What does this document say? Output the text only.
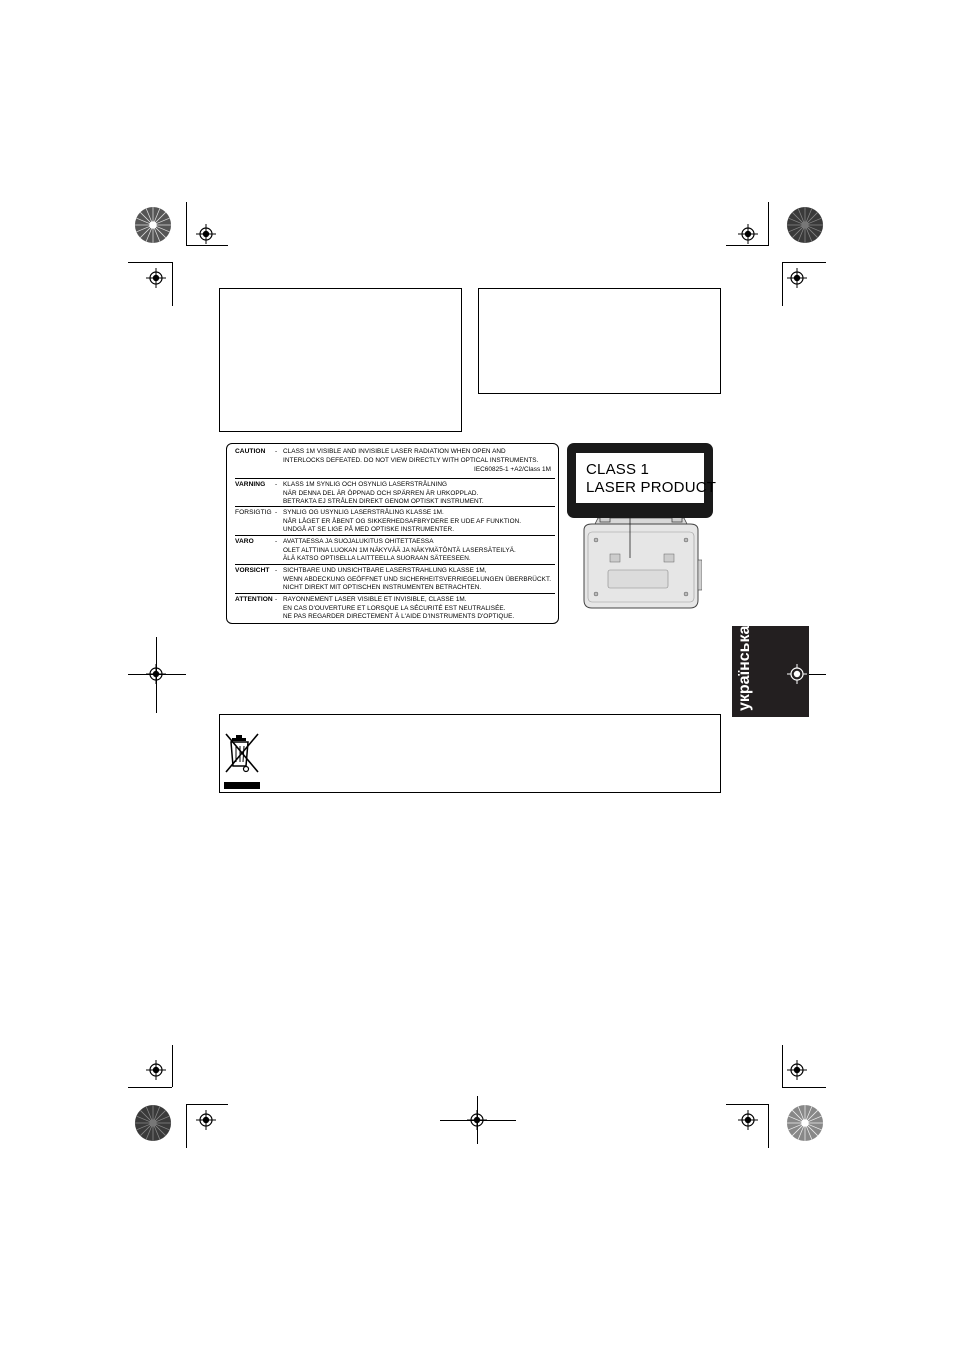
CAUTION	- CLASS 1M VISIBLE AND INVISIBLE LASER RADIATION WHEN OPEN AND
INTERLOCKS DEFEATED. DO NOT VIEW DIRECTLY WITH OPTICAL INSTRUMENTS.
IEC60825-1 +A2/Class 1M
VARNING	- KLASS 1M SYNLIG OCH OSYNLIG LASERSTRÅLNING
NÄR DENNA DEL ÄR ÖPPNAD OCH SPÄRREN ÄR URKOPPLAD.
BETRAKTA EJ STRÅLEN DIREKT GENOM OPTISKT INSTRUMENT.
FORSIGTIG - SYNLIG OG USYNLIG LASERSTRÅLING KLASSE 1M.
NÅR LÅGET ER ÅBENT OG SIKKERHEDSAFBRYDERE ER UDE AF FUNKTION.
UNDGÅ AT SE LIGE PÅ MED OPTISKE INSTRUMENTER.
VARO	- AVATTAESSA JA SUOJALUKITUS OHITETTAESSA
OLET ALTTIINA LUOKAN 1M NÄKYVÄÄ JA NÄKYMÄTÖNTÄ LASERSÄTEILYÄ.
ÄLÄ KATSO OPTISELLA LAITTEELLA SUORAAN SÄTEESEEN.
VORSICHT - SICHTBARE UND UNSICHTBARE LASERSTRAHLUNG KLASSE 1M,
WENN ABDECKUNG GEÖFFNET UND SICHERHEITSVERRIEGELUNGEN ÜBERBRÜCKT.
NICHT DIREKT MIT OPTISCHEN INSTRUMENTEN BETRACHTEN.
ATTENTION - RAYONNEMENT LASER VISIBLE ET INVISIBLE, CLASSE 1M.
EN CAS D'OUVERTURE ET LORSQUE LA SÉCURITÉ EST NEUTRALISÉE.
NE PAS REGARDER DIRECTEMENT À L'AIDE D'INSTRUMENTS D'OPTIQUE.
CLASS 1
LASER PRODUCT
українська
